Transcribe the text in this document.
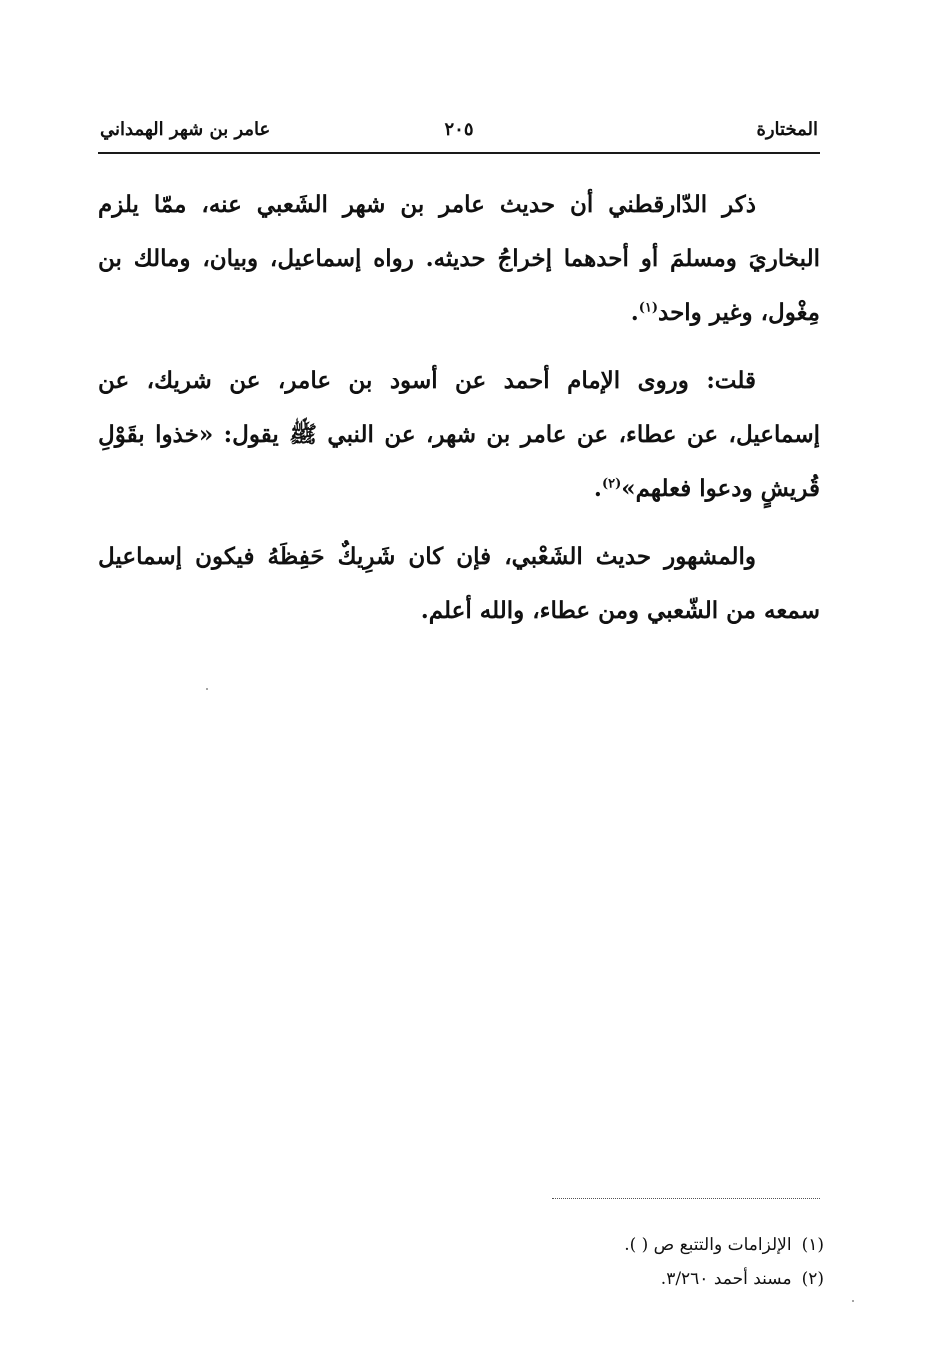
المختارة
٢٠٥
عامر بن شهر الهمداني

ذكر الدّارقطني أن حديث عامر بن شهر الشَعبي عنه، ممّا يلزم البخاريَ ومسلمَ أو أحدهما إخراجُ حديثه. رواه إسماعيل، وبيان، ومالك بن مِغْول، وغير واحد$^{(١)}$.

قلت: وروى الإمام أحمد عن أسود بن عامر، عن شريك، عن إسماعيل، عن عطاء، عن عامر بن شهر، عن النبي ﷺ يقول: «خذوا بقَوْلِ قُريشٍ ودعوا فعلهم»$^{(٢)}$.

والمشهور حديث الشَعْبي، فإن كان شَرِيكٌ حَفِظَهُ فيكون إسماعيل سمعه من الشّعبي ومن عطاء، والله أعلم.

(١)الإلزامات والتتبع ص ( ).
(٢)مسند أحمد ٣/٢٦٠.
